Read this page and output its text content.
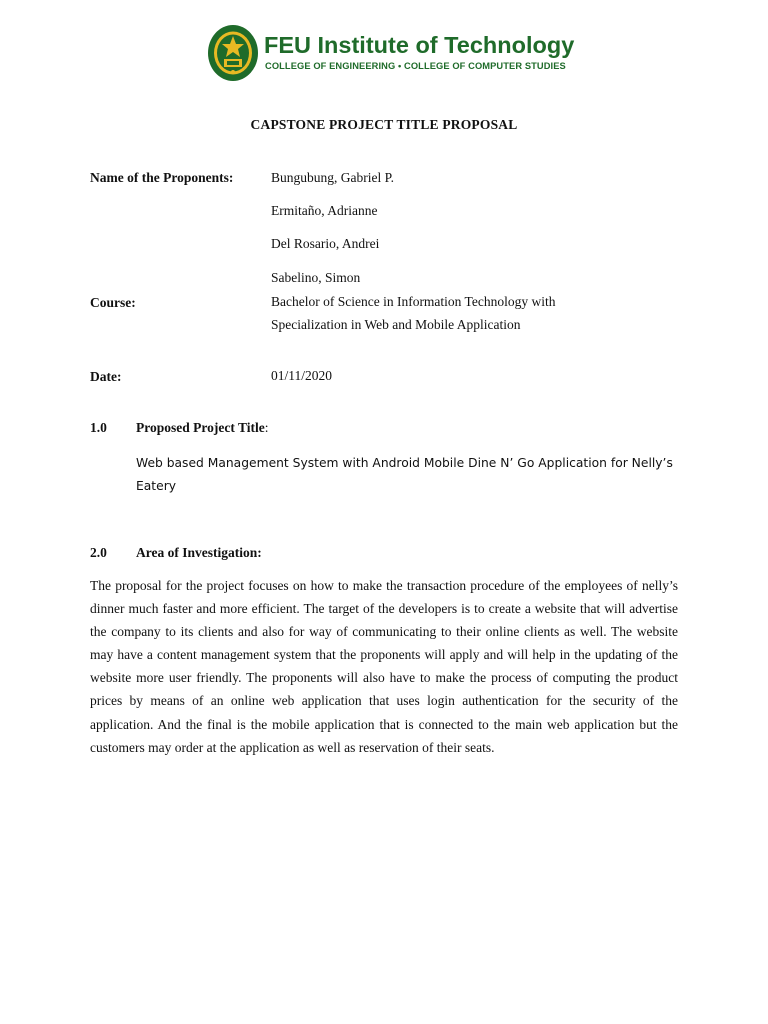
FEU Institute of Technology
COLLEGE OF ENGINEERING • COLLEGE OF COMPUTER STUDIES
CAPSTONE PROJECT TITLE PROPOSAL
Name of the Proponents:	Bungubung, Gabriel P.
Ermitaño, Adrianne
Del Rosario, Andrei
Sabelino, Simon
Course:	Bachelor of Science in Information Technology with
Specialization in Web and Mobile Application
Date:	01/11/2020
1.0 Proposed Project Title:
Web based Management System with Android Mobile Dine N’ Go Application for Nelly’s Eatery
2.0 Area of Investigation:
The proposal for the project focuses on how to make the transaction procedure of the employees of nelly’s dinner much faster and more efficient. The target of the developers is to create a website that will advertise the company to its clients and also for way of communicating to their online clients as well. The website may have a content management system that the proponents will apply and will help in the updating of the website more user friendly. The proponents will also have to make the process of computing the product prices by means of an online web application that uses login authentication for the security of the application. And the final is the mobile application that is connected to the main web application but the customers may order at the application as well as reservation of their seats.
